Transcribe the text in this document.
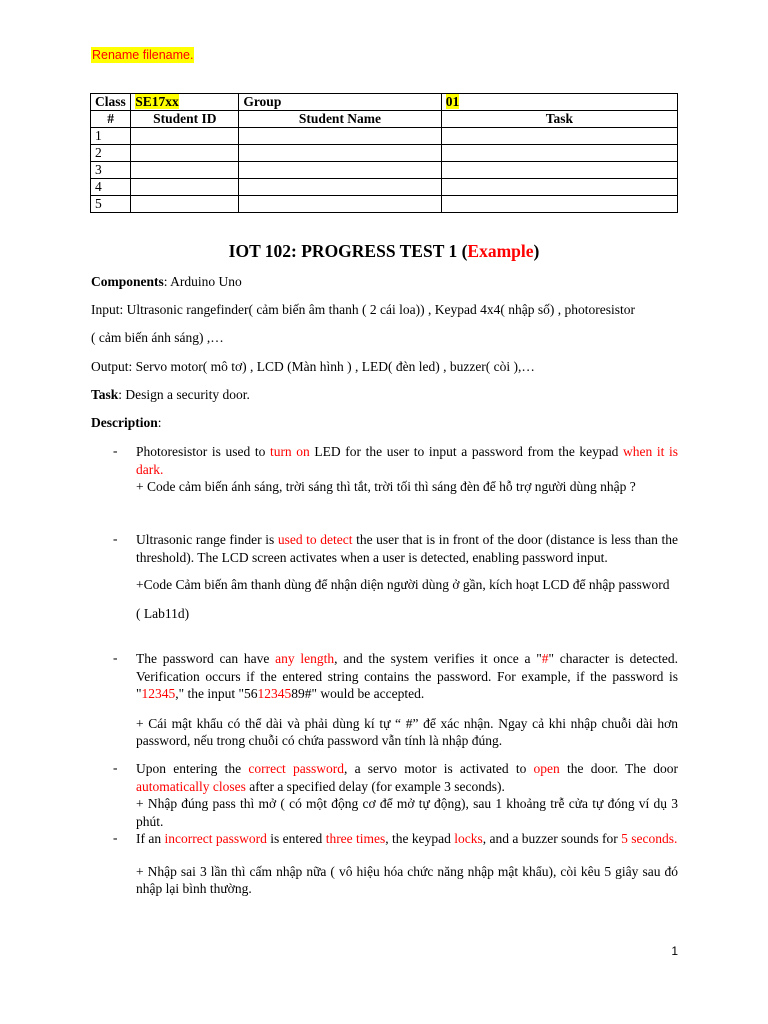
Rename filename.
Class	SE17xx	Group	01
#	Student ID	Student Name	Task
1			
2			
3			
4			
5			
IOT 102: PROGRESS TEST 1 (Example)
Components: Arduino Uno
Input: Ultrasonic rangefinder( cảm biến âm thanh ( 2 cái loa)) , Keypad 4x4( nhập số) , photoresistor
( cảm biến ánh sáng) ,…
Output: Servo motor( mô tơ) , LCD (Màn hình ) , LED( đèn led) , buzzer( còi ),…
Task: Design a security door.
Description:
- Photoresistor is used to turn on LED for the user to input a password from the keypad when it is dark.
+ Code cảm biến ánh sáng, trời sáng thì tắt, trời tối thì sáng đèn để hỗ trợ người dùng nhập ?
- Ultrasonic range finder is used to detect the user that is in front of the door (distance is less than the threshold). The LCD screen activates when a user is detected, enabling password input.
+Code Cảm biến âm thanh dùng để nhận diện người dùng ở gần, kích hoạt LCD để nhập password
( Lab11d)
- The password can have any length, and the system verifies it once a "#" character is detected. Verification occurs if the entered string contains the password. For example, if the password is "12345," the input "561234589#" would be accepted.
+ Cái mật khẩu có thể dài và phải dùng kí tự “ #” để xác nhận. Ngay cả khi nhập chuỗi dài hơn password, nếu trong chuỗi có chứa password vẫn tính là nhập đúng.
- Upon entering the correct password, a servo motor is activated to open the door. The door automatically closes after a specified delay (for example 3 seconds).
+ Nhập đúng pass thì mở ( có một động cơ để mở tự động), sau 1 khoảng trễ cửa tự đóng ví dụ 3 phút.
- If an incorrect password is entered three times, the keypad locks, and a buzzer sounds for 5 seconds.
+ Nhập sai 3 lần thì cấm nhập nữa ( vô hiệu hóa chức năng nhập mật khẩu), còi kêu 5 giây sau đó nhập lại bình thường.
1
